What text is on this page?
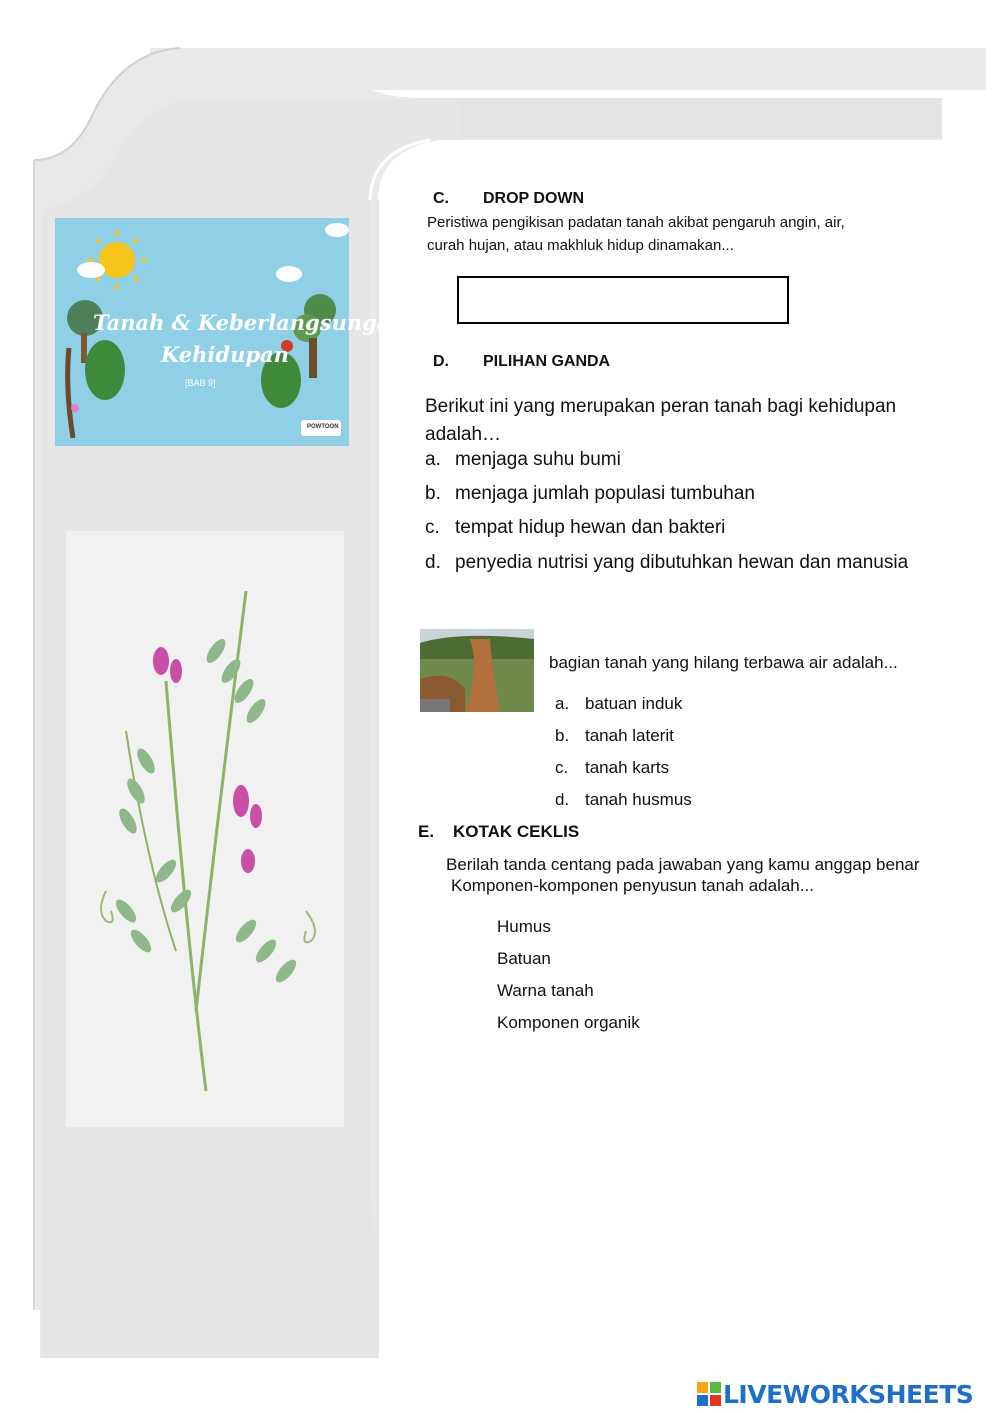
Tanah & Keberlangsungan
Kehidupan
[BAB 9]
POWTOON
C. DROP DOWN
Peristiwa pengikisan padatan tanah akibat pengaruh angin, air,
curah hujan, atau makhluk hidup dinamakan...
D. PILIHAN GANDA
Berikut ini yang merupakan peran tanah bagi kehidupan
adalah…
a. menjaga suhu bumi
b. menjaga jumlah populasi tumbuhan
c. tempat hidup hewan dan bakteri
d. penyedia nutrisi yang dibutuhkan hewan dan manusia
bagian tanah yang hilang terbawa air adalah...
a. batuan induk
b. tanah laterit
c. tanah karts
d. tanah husmus
E. KOTAK CEKLIS
Berilah tanda centang pada jawaban yang kamu anggap benar
Komponen-komponen penyusun tanah adalah...
Humus
Batuan
Warna tanah
Komponen organik
LIVEWORKSHEETS
